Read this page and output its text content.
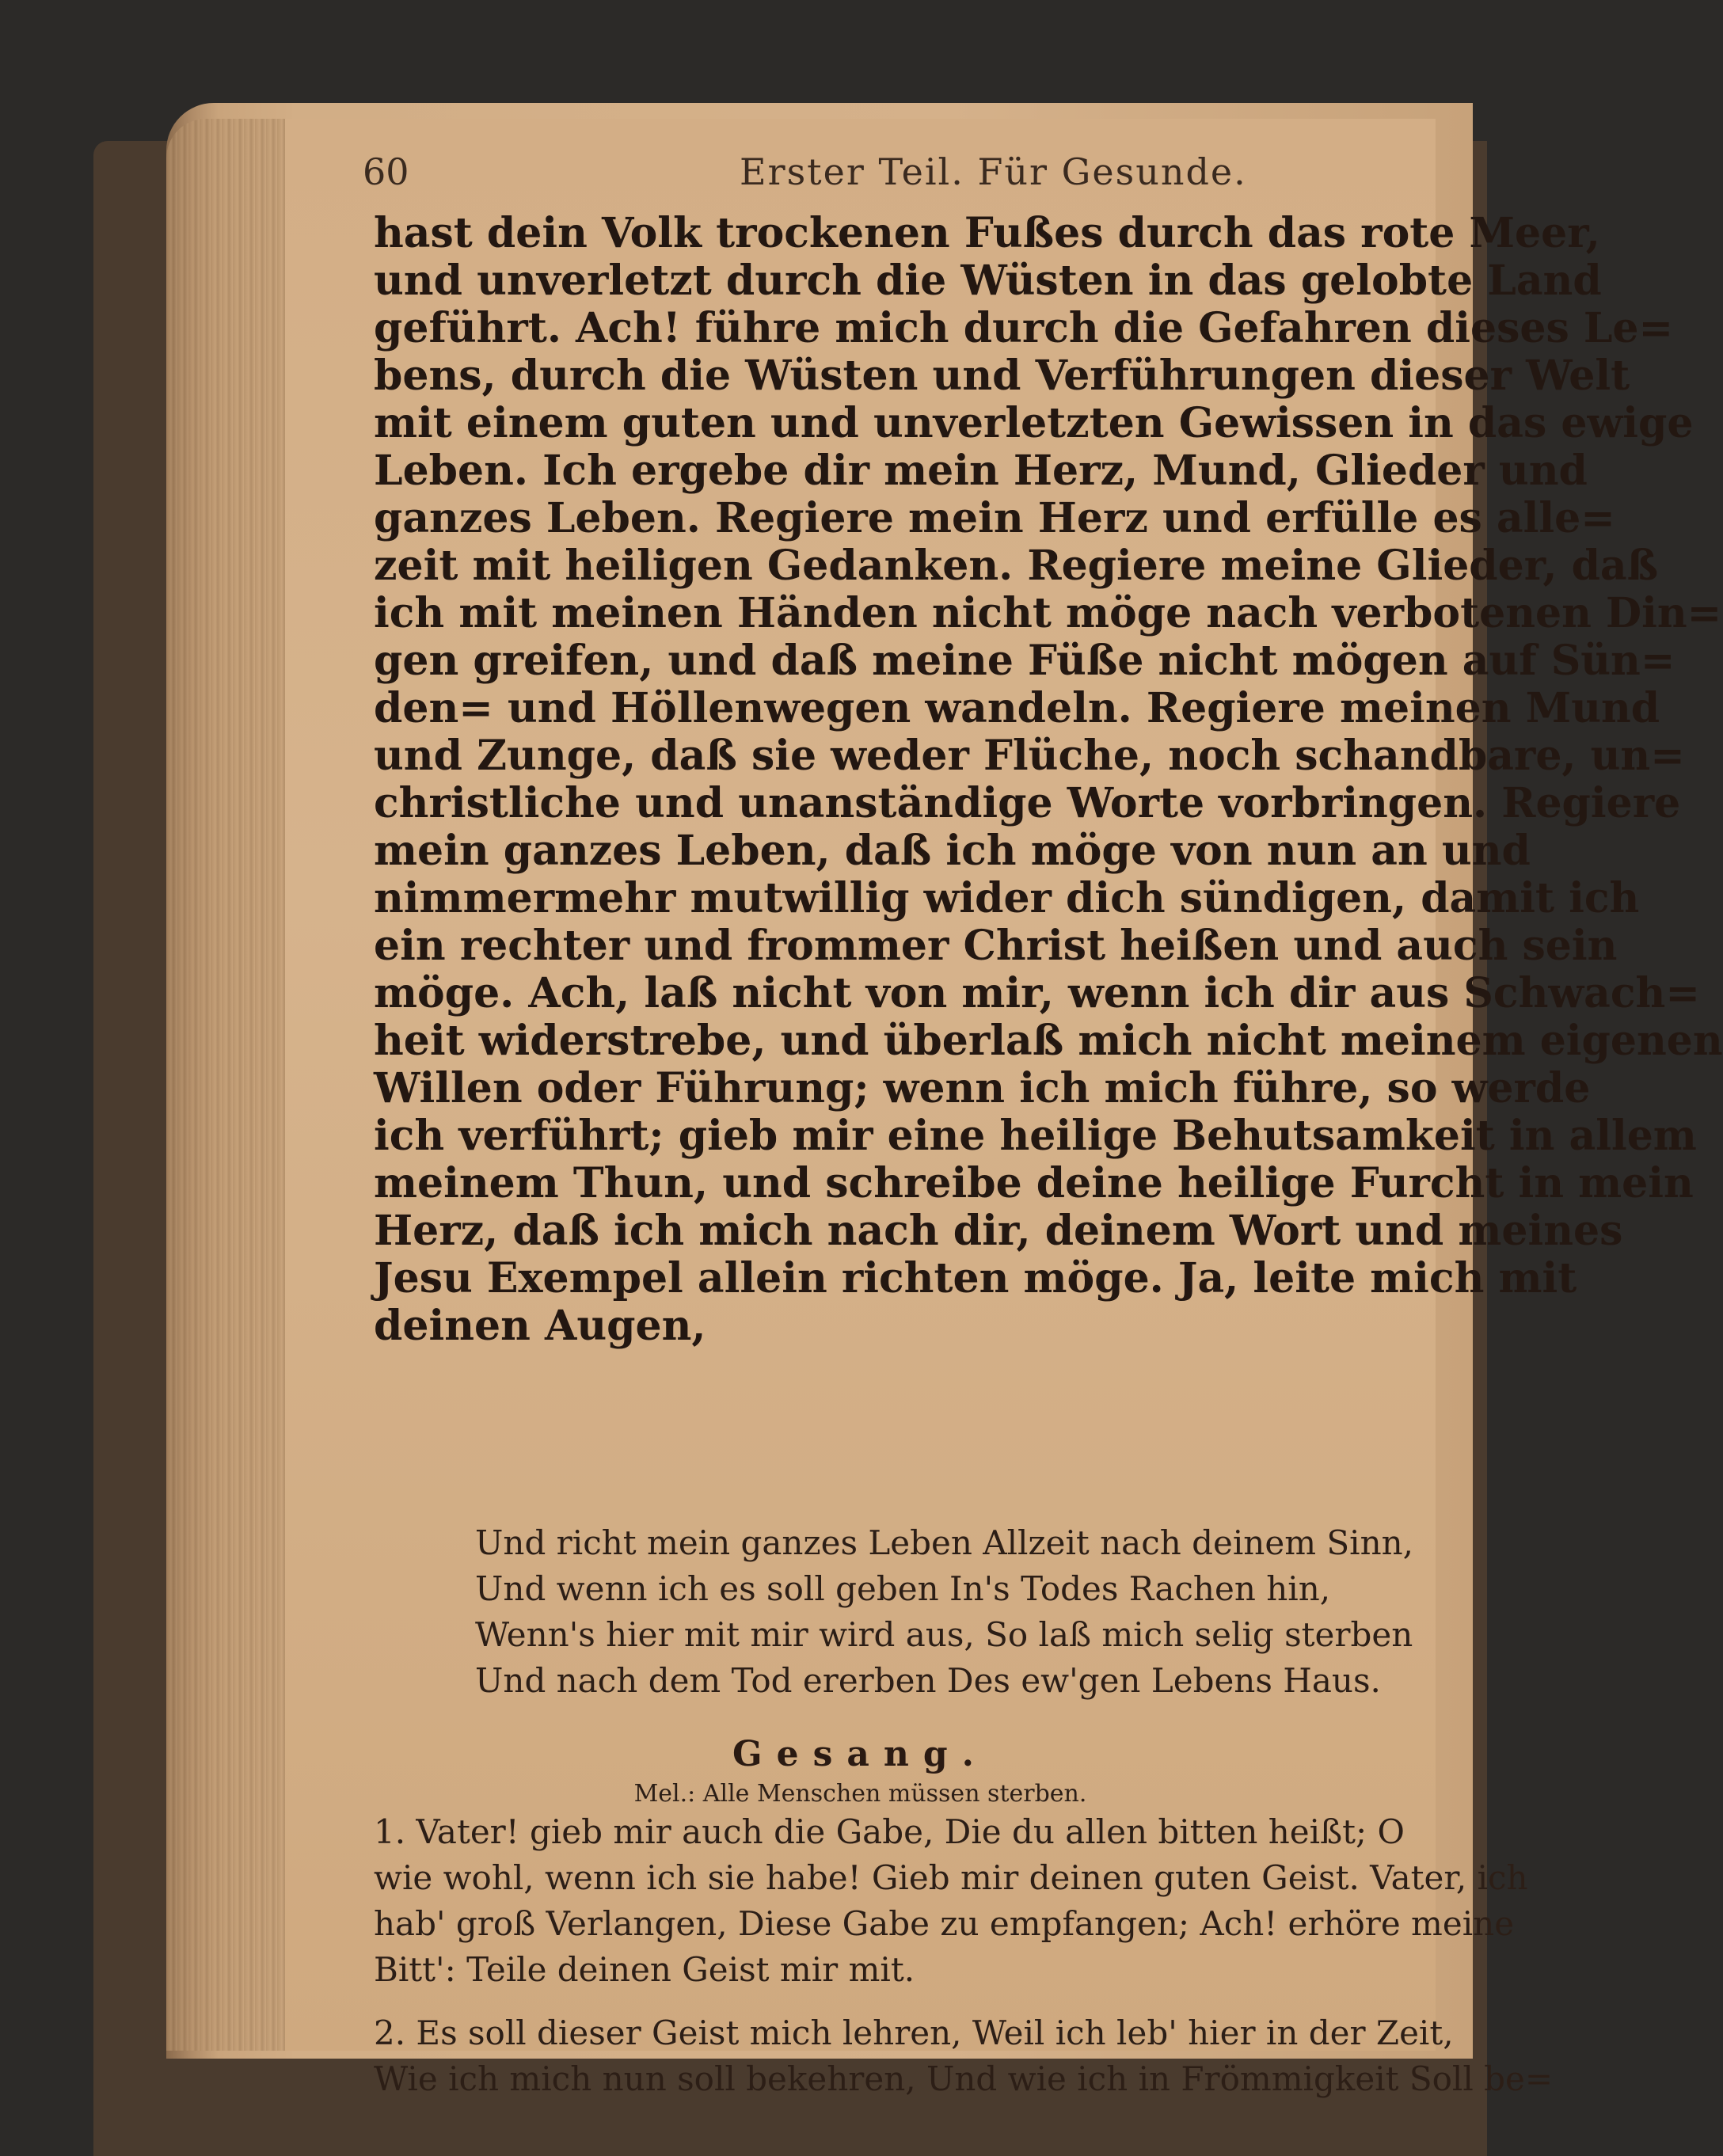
60	Erster Teil. Für Gesunde.
hast dein Volk trockenen Fußes durch das rote Meer,
und unverletzt durch die Wüsten in das gelobte Land
geführt. Ach! führe mich durch die Gefahren dieses Le=
bens, durch die Wüsten und Verführungen dieser Welt
mit einem guten und unverletzten Gewissen in das ewige
Leben. Ich ergebe dir mein Herz, Mund, Glieder und
ganzes Leben. Regiere mein Herz und erfülle es alle=
zeit mit heiligen Gedanken. Regiere meine Glieder, daß
ich mit meinen Händen nicht möge nach verbotenen Din=
gen greifen, und daß meine Füße nicht mögen auf Sün=
den= und Höllenwegen wandeln. Regiere meinen Mund
und Zunge, daß sie weder Flüche, noch schandbare, un=
christliche und unanständige Worte vorbringen. Regiere
mein ganzes Leben, daß ich möge von nun an und
nimmermehr mutwillig wider dich sündigen, damit ich
ein rechter und frommer Christ heißen und auch sein
möge. Ach, laß nicht von mir, wenn ich dir aus Schwach=
heit widerstrebe, und überlaß mich nicht meinem eigenen
Willen oder Führung; wenn ich mich führe, so werde
ich verführt; gieb mir eine heilige Behutsamkeit in allem
meinem Thun, und schreibe deine heilige Furcht in mein
Herz, daß ich mich nach dir, deinem Wort und meines
Jesu Exempel allein richten möge. Ja, leite mich mit
deinen Augen,
Und richt mein ganzes Leben Allzeit nach deinem Sinn,
Und wenn ich es soll geben In's Todes Rachen hin,
Wenn's hier mit mir wird aus, So laß mich selig sterben
Und nach dem Tod ererben Des ew'gen Lebens Haus.
Gesang.
Mel.: Alle Menschen müssen sterben.
1. Vater! gieb mir auch die Gabe, Die du allen bitten heißt; O
wie wohl, wenn ich sie habe! Gieb mir deinen guten Geist. Vater, ich
hab' groß Verlangen, Diese Gabe zu empfangen; Ach! erhöre meine
Bitt': Teile deinen Geist mir mit.
2. Es soll dieser Geist mich lehren, Weil ich leb' hier in der Zeit,
Wie ich mich nun soll bekehren, Und wie ich in Frömmigkeit Soll be=
